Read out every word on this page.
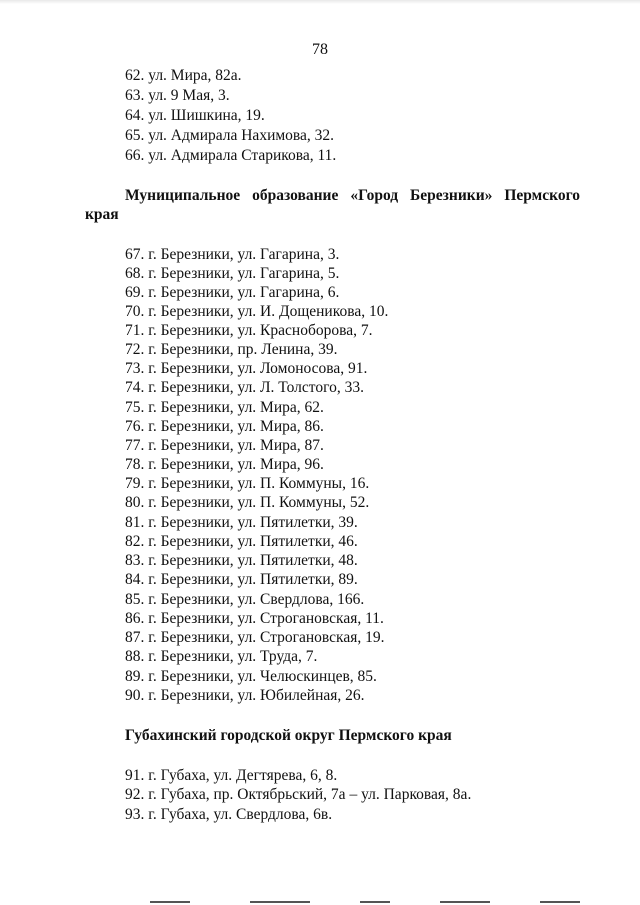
78
62. ул. Мира, 82а.
63. ул. 9 Мая, 3.
64. ул. Шишкина, 19.
65. ул. Адмирала Нахимова, 32.
66. ул. Адмирала Старикова, 11.
Муниципальное образование «Город Березники» Пермского
края
67. г. Березники, ул. Гагарина, 3.
68. г. Березники, ул. Гагарина, 5.
69. г. Березники, ул. Гагарина, 6.
70. г. Березники, ул. И. Дощеникова, 10.
71. г. Березники, ул. Красноборова, 7.
72. г. Березники, пр. Ленина, 39.
73. г. Березники, ул. Ломоносова, 91.
74. г. Березники, ул. Л. Толстого, 33.
75. г. Березники, ул. Мира, 62.
76. г. Березники, ул. Мира, 86.
77. г. Березники, ул. Мира, 87.
78. г. Березники, ул. Мира, 96.
79. г. Березники, ул. П. Коммуны, 16.
80. г. Березники, ул. П. Коммуны, 52.
81. г. Березники, ул. Пятилетки, 39.
82. г. Березники, ул. Пятилетки, 46.
83. г. Березники, ул. Пятилетки, 48.
84. г. Березники, ул. Пятилетки, 89.
85. г. Березники, ул. Свердлова, 166.
86. г. Березники, ул. Строгановская, 11.
87. г. Березники, ул. Строгановская, 19.
88. г. Березники, ул. Труда, 7.
89. г. Березники, ул. Челюскинцев, 85.
90. г. Березники, ул. Юбилейная, 26.
Губахинский городской округ Пермского края
91. г. Губаха, ул. Дегтярева, 6, 8.
92. г. Губаха, пр. Октябрьский, 7а – ул. Парковая, 8а.
93. г. Губаха, ул. Свердлова, 6в.
